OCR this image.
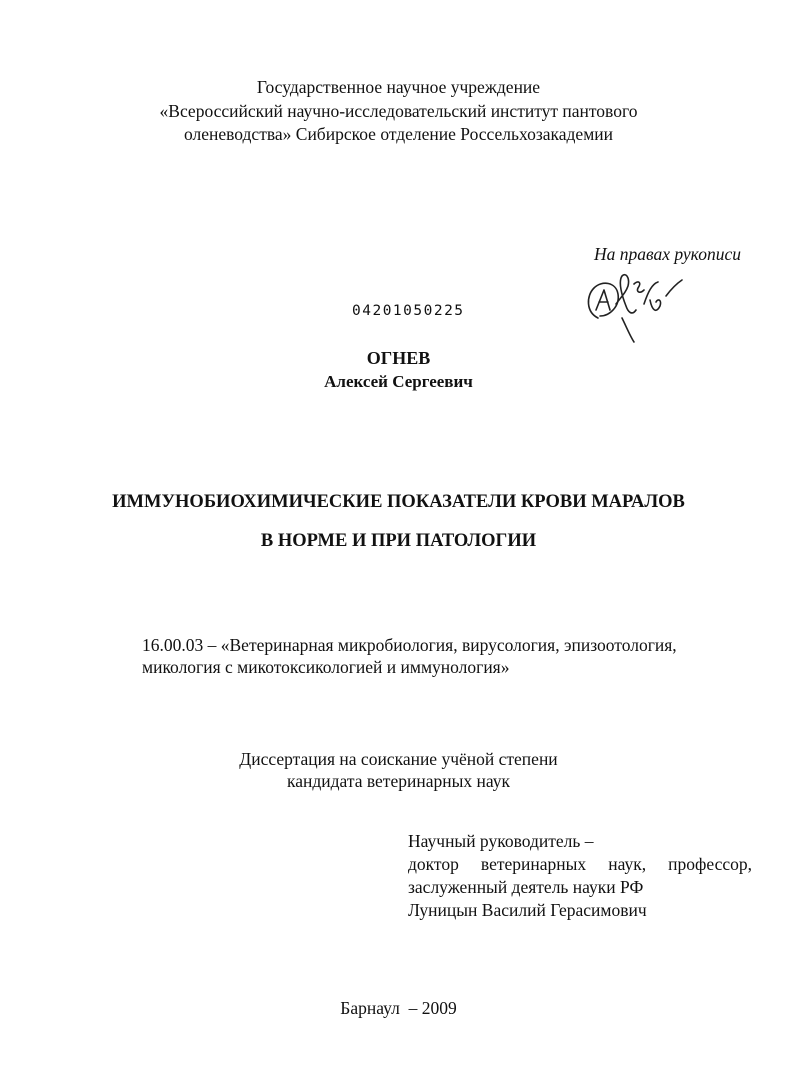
Государственное научное учреждение
«Всероссийский научно-исследовательский институт пантового
оленеводства» Сибирское отделение Россельхозакадемии
На правах рукописи
04201050225
ОГНЕВ
Алексей Сергеевич
ИММУНОБИОХИМИЧЕСКИЕ ПОКАЗАТЕЛИ КРОВИ МАРАЛОВ
В НОРМЕ И ПРИ ПАТОЛОГИИ
16.00.03 – «Ветеринарная микробиология, вирусология, эпизоотология,
микология с микотоксикологией и иммунология»
Диссертация на соискание учёной степени
кандидата ветеринарных наук
Научный руководитель –
доктор ветеринарных наук, профессор,
заслуженный деятель науки РФ
Луницын Василий Герасимович
Барнаул  – 2009
